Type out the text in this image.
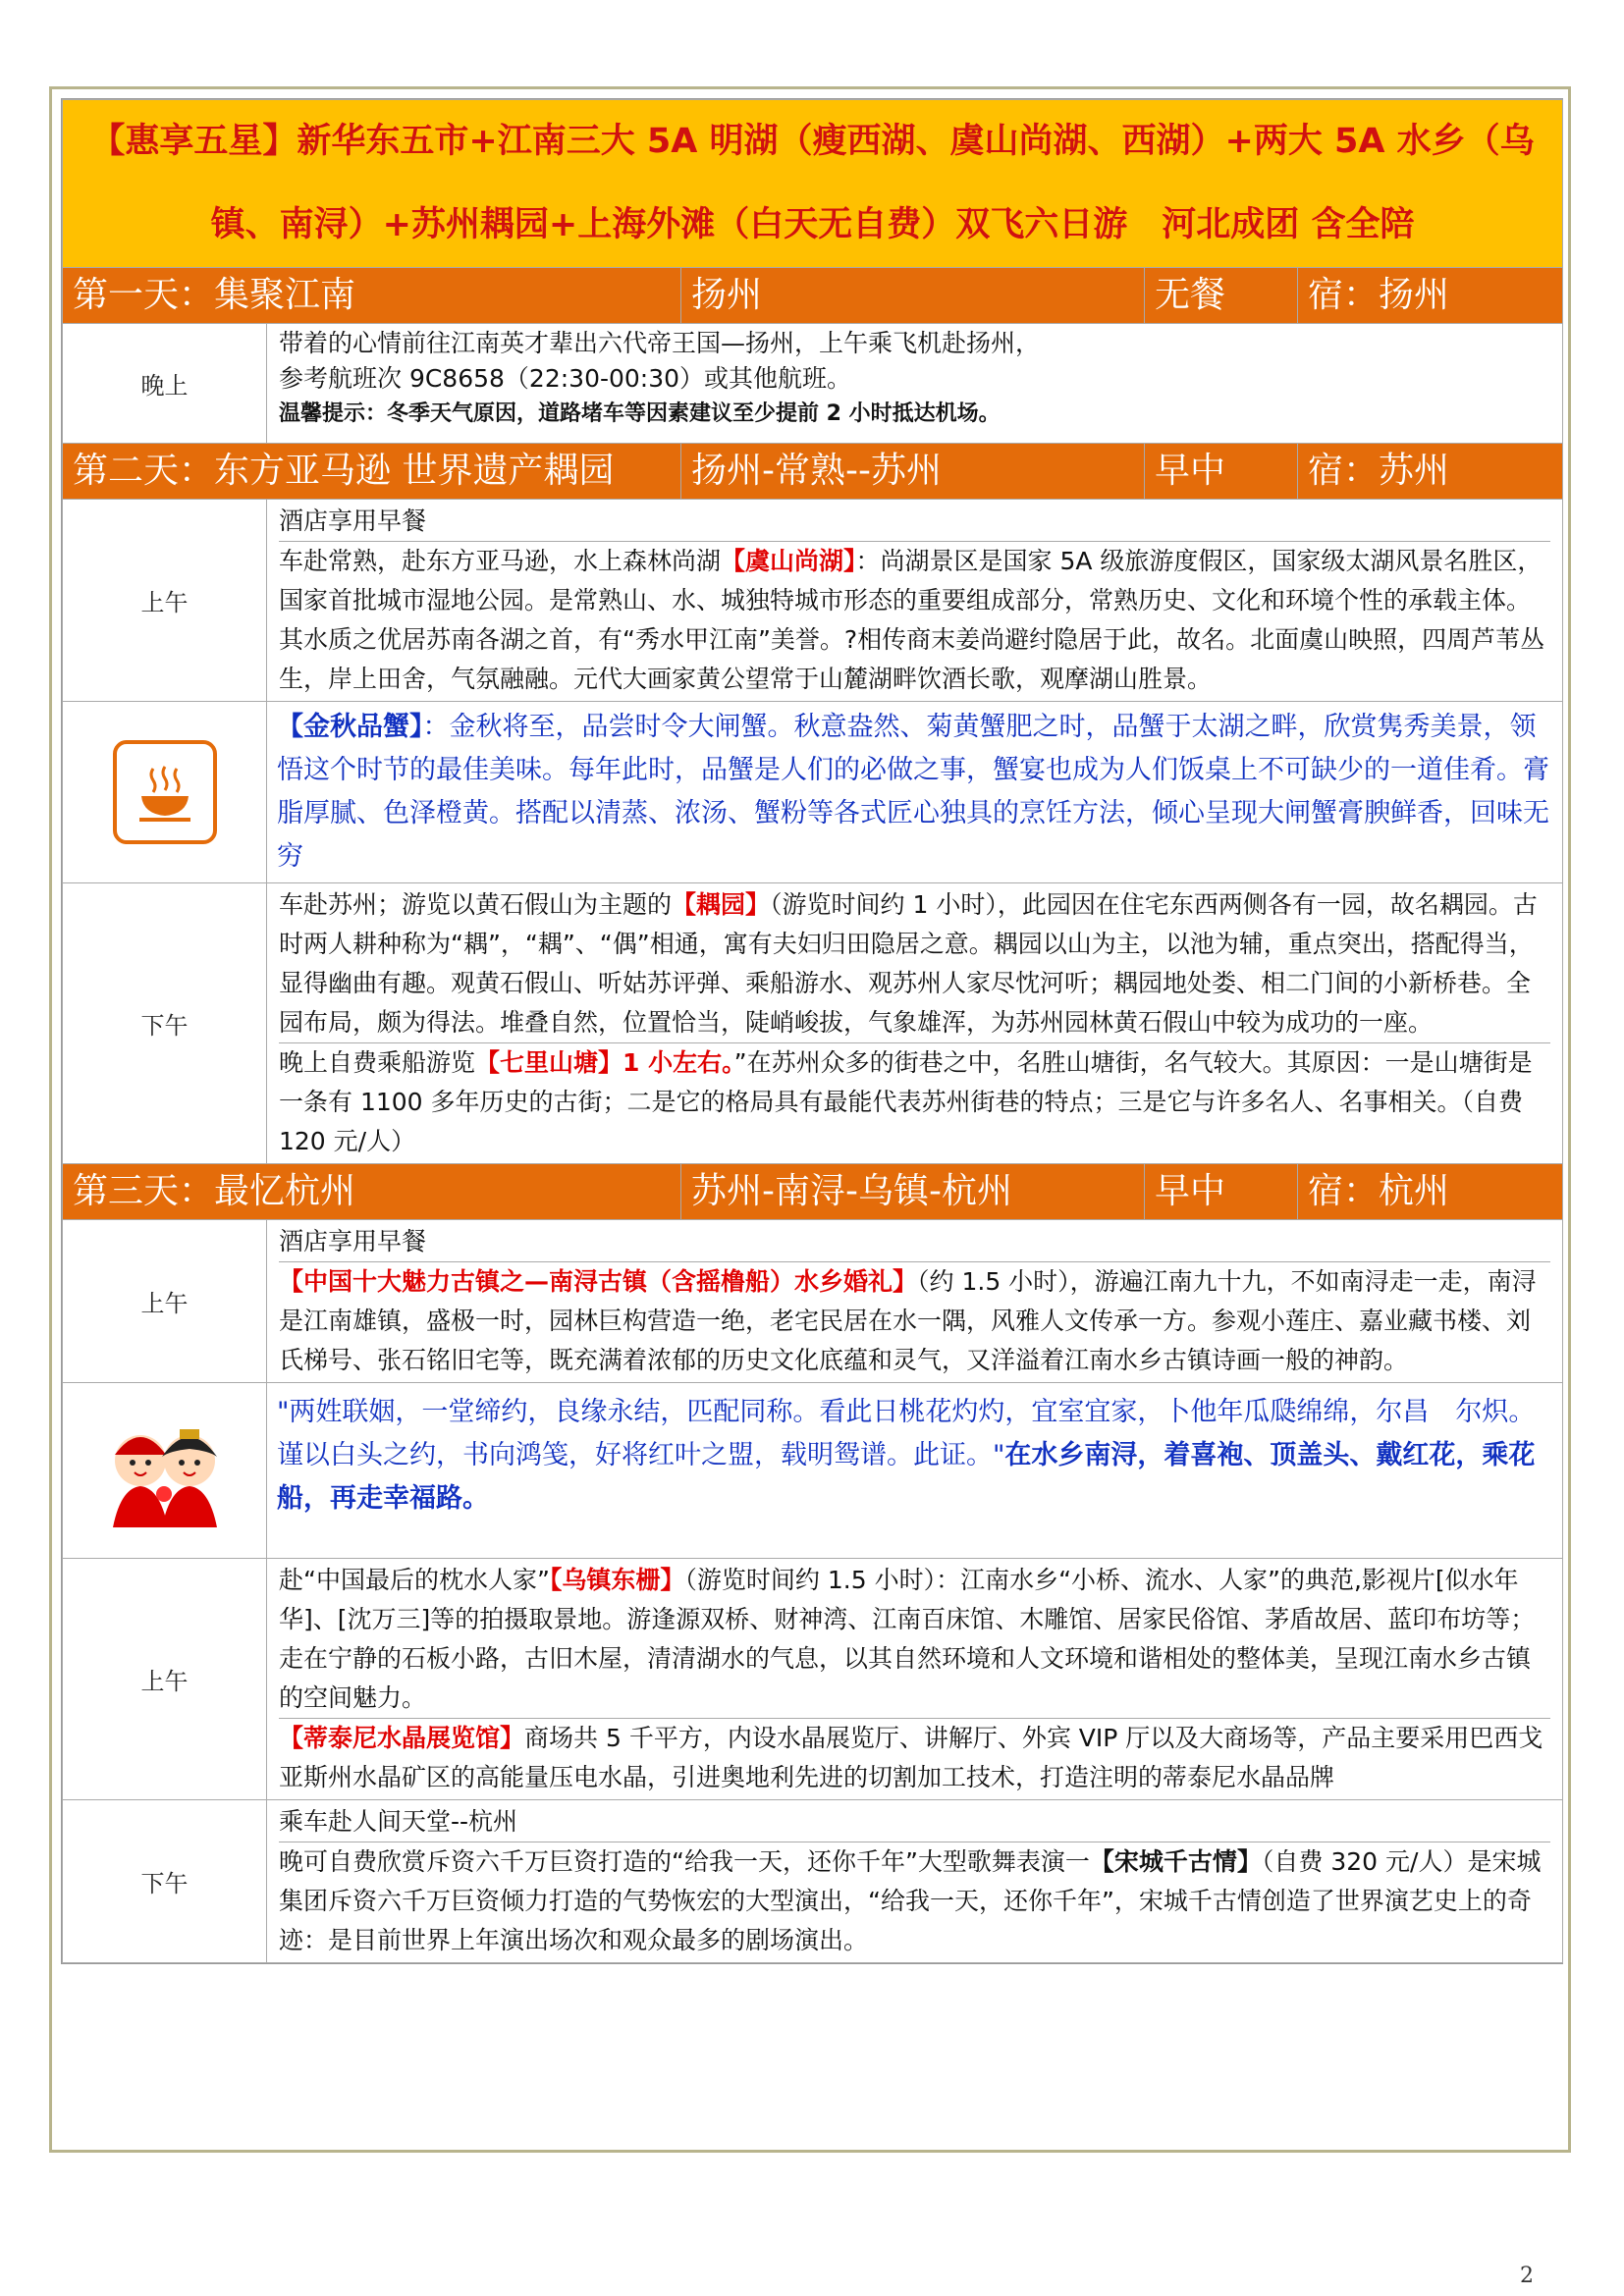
【惠享五星】新华东五市+江南三大 5A 明湖（瘦西湖、虞山尚湖、西湖）+两大 5A 水乡（乌镇、南浔）+苏州耦园+上海外滩（白天无自费）双飞六日游　河北成团 含全陪				
第一天：集聚江南		扬州	无餐	宿：扬州
晚上	带着的心情前往江南英才辈出六代帝王国—扬州，上午乘飞机赴扬州，

参考航班次 9C8658（22:30-00:30）或其他航班。

温馨提示：冬季天气原因，道路堵车等因素建议至少提前 2 小时抵达机场。			

第二天：东方亚马逊 世界遗产耦园		扬州-常熟--苏州	早中	宿：苏州
上午	酒店享用早餐

车赴常熟，赴东方亚马逊，水上森林尚湖【虞山尚湖】：尚湖景区是国家 5A 级旅游度假区，国家级太湖风景名胜区，国家首批城市湿地公园。是常熟山、水、城独特城市形态的重要组成部分，常熟历史、文化和环境个性的承载主体。其水质之优居苏南各湖之首，有“秀水甲江南”美誉。?相传商末姜尚避纣隐居于此，故名。北面虞山映照，四周芦苇丛生，岸上田舍，气氛融融。元代大画家黄公望常于山麓湖畔饮酒长歌，观摩湖山胜景。			

	【金秋品蟹】：金秋将至，品尝时令大闸蟹。秋意盎然、菊黄蟹肥之时，品蟹于太湖之畔，欣赏隽秀美景，领悟这个时节的最佳美味。每年此时，品蟹是人们的必做之事，蟹宴也成为人们饭桌上不可缺少的一道佳肴。膏脂厚腻、色泽橙黄。搭配以清蒸、浓汤、蟹粉等各式匠心独具的烹饪方法，倾心呈现大闸蟹膏腴鲜香，回味无穷			
下午	车赴苏州；游览以黄石假山为主题的【耦园】（游览时间约 1 小时），此园因在住宅东西两侧各有一园，故名耦园。古时两人耕种称为“耦”，“耦”、“偶”相通，寓有夫妇归田隐居之意。耦园以山为主，以池为辅，重点突出，搭配得当，显得幽曲有趣。观黄石假山、听姑苏评弹、乘船游水、观苏州人家尽忱河听；耦园地处娄、相二门间的小新桥巷。全园布局，颇为得法。堆叠自然，位置恰当，陡峭峻拔，气象雄浑，为苏州园林黄石假山中较为成功的一座。

晚上自费乘船游览【七里山塘】1 小左右。”在苏州众多的街巷之中，名胜山塘街，名气较大。其原因：一是山塘街是一条有 1100 多年历史的古街；二是它的格局具有最能代表苏州街巷的特点；三是它与许多名人、名事相关。（自费 120 元/人）			

第三天：最忆杭州		苏州-南浔-乌镇-杭州	早中	宿：杭州
上午	酒店享用早餐

【中国十大魅力古镇之—南浔古镇（含摇橹船）水乡婚礼】（约 1.5 小时），游遍江南九十九，不如南浔走一走，南浔是江南雄镇，盛极一时，园林巨构营造一绝，老宅民居在水一隅，风雅人文传承一方。参观小莲庄、嘉业藏书楼、刘氏梯号、张石铭旧宅等，既充满着浓郁的历史文化底蕴和灵气，又洋溢着江南水乡古镇诗画一般的神韵。			

	"两姓联姻，一堂缔约，良缘永结，匹配同称。看此日桃花灼灼，宜室宜家，卜他年瓜瓞绵绵，尔昌　尔炽。谨以白头之约，书向鸿笺，好将红叶之盟，载明鸳谱。此证。"在水乡南浔，着喜袍、顶盖头、戴红花，乘花船，再走幸福路。			

上午	赴“中国最后的枕水人家”【乌镇东栅】（游览时间约 1.5 小时）：江南水乡“小桥、流水、人家”的典范,影视片[似水年华]、[沈万三]等的拍摄取景地。游逢源双桥、财神湾、江南百床馆、木雕馆、居家民俗馆、茅盾故居、蓝印布坊等；走在宁静的石板小路，古旧木屋，清清湖水的气息，以其自然环境和人文环境和谐相处的整体美，呈现江南水乡古镇的空间魅力。

【蒂泰尼水晶展览馆】商场共 5 千平方，内设水晶展览厅、讲解厅、外宾 VIP 厅以及大商场等，产品主要采用巴西戈亚斯州水晶矿区的高能量压电水晶，引进奥地利先进的切割加工技术，打造注明的蒂泰尼水晶品牌			

下午	乘车赴人间天堂--杭州

晚可自费欣赏斥资六千万巨资打造的“给我一天，还你千年”大型歌舞表演一【宋城千古情】（自费 320 元/人）是宋城集团斥资六千万巨资倾力打造的气势恢宏的大型演出，“给我一天，还你千年”，宋城千古情创造了世界演艺史上的奇迹：是目前世界上年演出场次和观众最多的剧场演出。			

2
